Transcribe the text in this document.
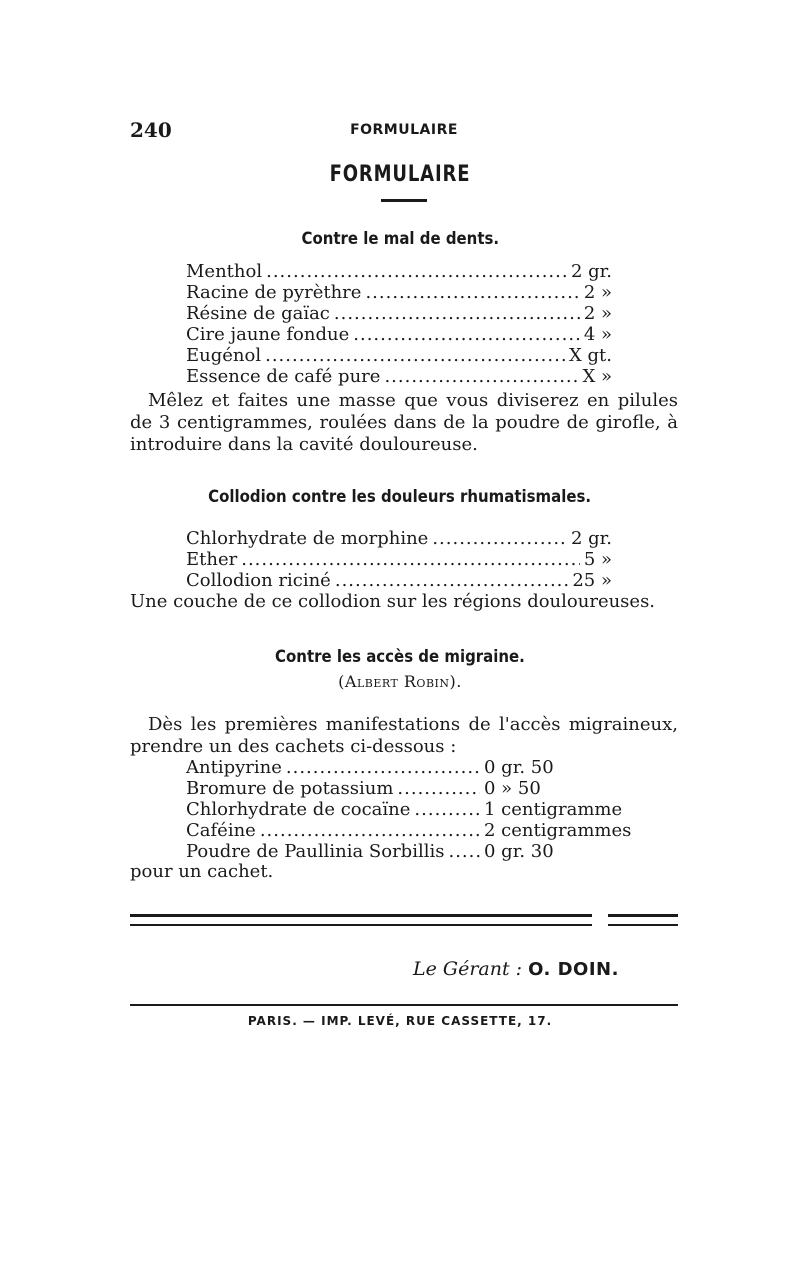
240	FORMULAIRE
FORMULAIRE
Contre le mal de dents.
Menthol .....	2 gr.
Racine de pyrèthre .....	2 »
Résine de gaïac .....	2 »
Cire jaune fondue .....	4 »
Eugénol .....	X gt.
Essence de café pure .....	X »
Mêlez et faites une masse que vous diviserez en pilules de 3 centigrammes, roulées dans de la poudre de girofle, à introduire dans la cavité douloureuse.
Collodion contre les douleurs rhumatismales.
Chlorhydrate de morphine .....	2 gr.
Ether .....	5 »
Collodion riciné .....	25 »
Une couche de ce collodion sur les régions douloureuses.
Contre les accès de migraine.
(Albert Robin).
Dès les premières manifestations de l'accès migraineux, prendre un des cachets ci-dessous :
Antipyrine .....	0 gr. 50
Bromure de potassium .....	0 » 50
Chlorhydrate de cocaïne .....	1 centigramme
Caféine .....	2 centigrammes
Poudre de Paullinia Sorbillis ..... 0 gr. 30
pour un cachet.
Le Gérant : O. DOIN.
PARIS. — IMP. LEVÉ, RUE CASSETTE, 17.
